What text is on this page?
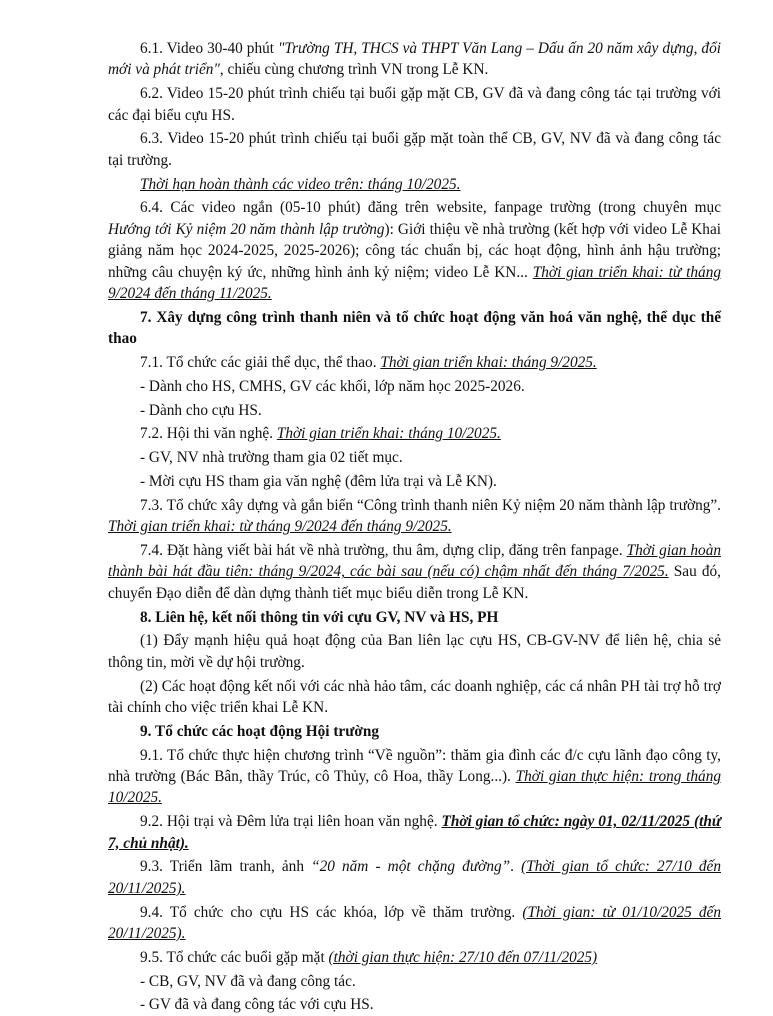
6.1. Video 30-40 phút "Trường TH, THCS và THPT Văn Lang – Dấu ấn 20 năm xây dựng, đổi mới và phát triển", chiếu cùng chương trình VN trong Lễ KN.

6.2. Video 15-20 phút trình chiếu tại buổi gặp mặt CB, GV đã và đang công tác tại trường với các đại biểu cựu HS.

6.3. Video 15-20 phút trình chiếu tại buổi gặp mặt toàn thể CB, GV, NV đã và đang công tác tại trường.

Thời hạn hoàn thành các video trên: tháng 10/2025.

6.4. Các video ngắn (05-10 phút) đăng trên website, fanpage trường (trong chuyên mục Hướng tới Kỷ niệm 20 năm thành lập trường): Giới thiệu về nhà trường (kết hợp với video Lễ Khai giảng năm học 2024-2025, 2025-2026); công tác chuẩn bị, các hoạt động, hình ảnh hậu trường; những câu chuyện ký ức, những hình ảnh kỷ niệm; video Lễ KN... Thời gian triển khai: từ tháng 9/2024 đến tháng 11/2025.

7. Xây dựng công trình thanh niên và tổ chức hoạt động văn hoá văn nghệ, thể dục thể thao

7.1. Tổ chức các giải thể dục, thể thao. Thời gian triển khai: tháng 9/2025.

- Dành cho HS, CMHS, GV các khối, lớp năm học 2025-2026.

- Dành cho cựu HS.

7.2. Hội thi văn nghệ. Thời gian triển khai: tháng 10/2025.

- GV, NV nhà trường tham gia 02 tiết mục.

- Mời cựu HS tham gia văn nghệ (đêm lửa trại và Lễ KN).

7.3. Tổ chức xây dựng và gắn biển “Công trình thanh niên Kỷ niệm 20 năm thành lập trường”. Thời gian triển khai: từ tháng 9/2024 đến tháng 9/2025.

7.4. Đặt hàng viết bài hát về nhà trường, thu âm, dựng clip, đăng trên fanpage. Thời gian hoàn thành bài hát đầu tiên: tháng 9/2024, các bài sau (nếu có) chậm nhất đến tháng 7/2025. Sau đó, chuyển Đạo diễn để dàn dựng thành tiết mục biểu diễn trong Lễ KN.

8. Liên hệ, kết nối thông tin với cựu GV, NV và HS, PH

(1) Đẩy mạnh hiệu quả hoạt động của Ban liên lạc cựu HS, CB-GV-NV để liên hệ, chia sẻ thông tin, mời về dự hội trường.

(2) Các hoạt động kết nối với các nhà hảo tâm, các doanh nghiệp, các cá nhân PH tài trợ hỗ trợ tài chính cho việc triển khai Lễ KN.

9. Tổ chức các hoạt động Hội trường

9.1. Tổ chức thực hiện chương trình “Về nguồn”: thăm gia đình các đ/c cựu lãnh đạo công ty, nhà trường (Bác Bân, thầy Trúc, cô Thủy, cô Hoa, thầy Long...). Thời gian thực hiện: trong tháng 10/2025.

9.2. Hội trại và Đêm lửa trại liên hoan văn nghệ. Thời gian tổ chức: ngày 01, 02/11/2025 (thứ 7, chủ nhật).

9.3. Triển lãm tranh, ảnh “20 năm - một chặng đường”. (Thời gian tổ chức: 27/10 đến 20/11/2025).

9.4. Tổ chức cho cựu HS các khóa, lớp về thăm trường. (Thời gian: từ 01/10/2025 đến 20/11/2025).

9.5. Tổ chức các buổi gặp mặt (thời gian thực hiện: 27/10 đến 07/11/2025)

- CB, GV, NV đã và đang công tác.

- GV đã và đang công tác với cựu HS.
